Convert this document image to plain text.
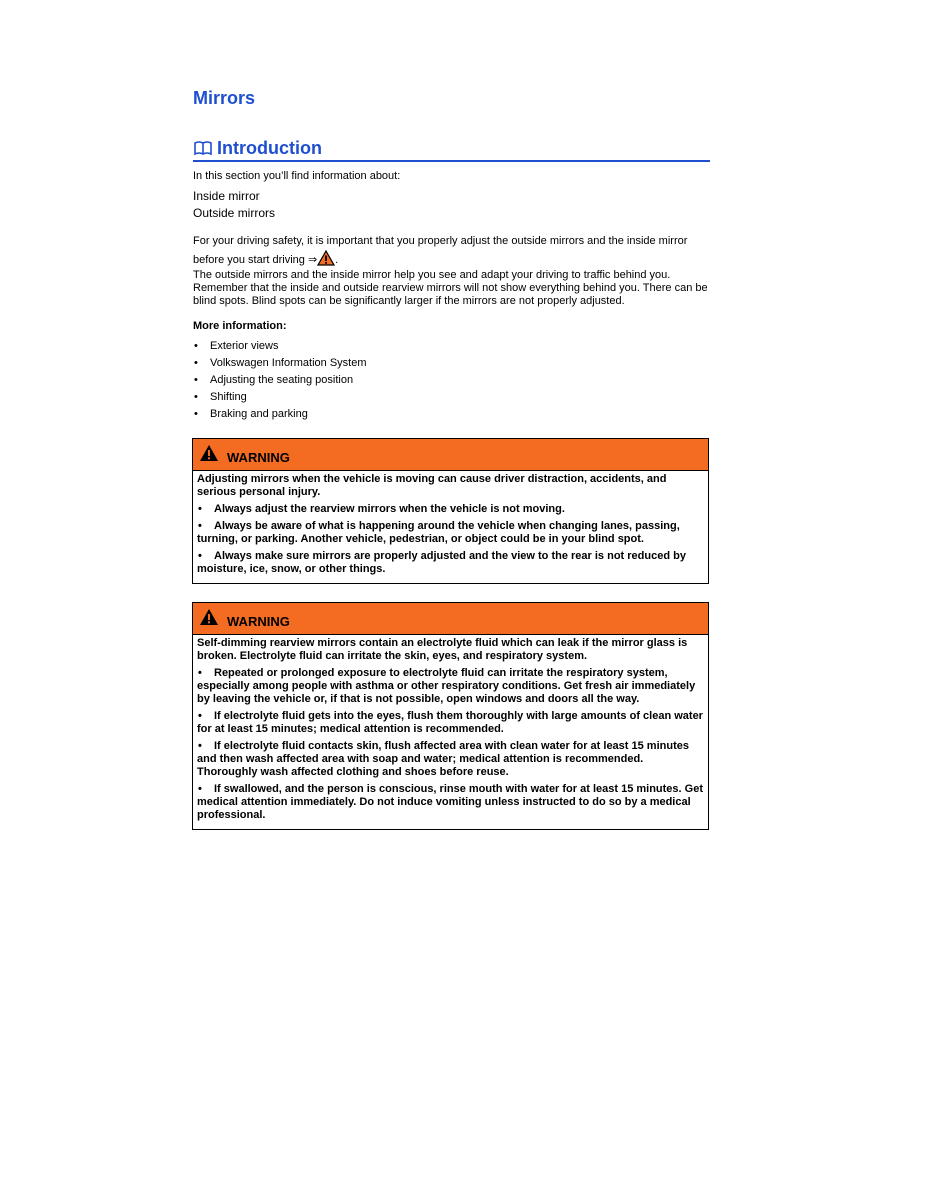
Mirrors
Introduction

In this section you’ll find information about:

Inside mirror

Outside mirrors

For your driving safety, it is important that you properly adjust the outside mirrors and the inside mirror before you start driving ⇒ .

The outside mirrors and the inside mirror help you see and adapt your driving to traffic behind you. Remember that the inside and outside rearview mirrors will not show everything behind you. There can be blind spots. Blind spots can be significantly larger if the mirrors are not properly adjusted.

More information:

• Exterior views
• Volkswagen Information System
• Adjusting the seating position
• Shifting
• Braking and parking
WARNING

Adjusting mirrors when the vehicle is moving can cause driver distraction, accidents, and serious personal injury.

• Always adjust the rearview mirrors when the vehicle is not moving.

• Always be aware of what is happening around the vehicle when changing lanes, passing, turning, or parking. Another vehicle, pedestrian, or object could be in your blind spot.

• Always make sure mirrors are properly adjusted and the view to the rear is not reduced by moisture, ice, snow, or other things.

WARNING

Self-dimming rearview mirrors contain an electrolyte fluid which can leak if the mirror glass is broken. Electrolyte fluid can irritate the skin, eyes, and respiratory system.

• Repeated or prolonged exposure to electrolyte fluid can irritate the respiratory system, especially among people with asthma or other respiratory conditions. Get fresh air immediately by leaving the vehicle or, if that is not possible, open windows and doors all the way.

• If electrolyte fluid gets into the eyes, flush them thoroughly with large amounts of clean water for at least 15 minutes; medical attention is recommended.

• If electrolyte fluid contacts skin, flush affected area with clean water for at least 15 minutes and then wash affected area with soap and water; medical attention is recommended. Thoroughly wash affected clothing and shoes before reuse.

• If swallowed, and the person is conscious, rinse mouth with water for at least 15 minutes. Get medical attention immediately. Do not induce vomiting unless instructed to do so by a medical professional.
